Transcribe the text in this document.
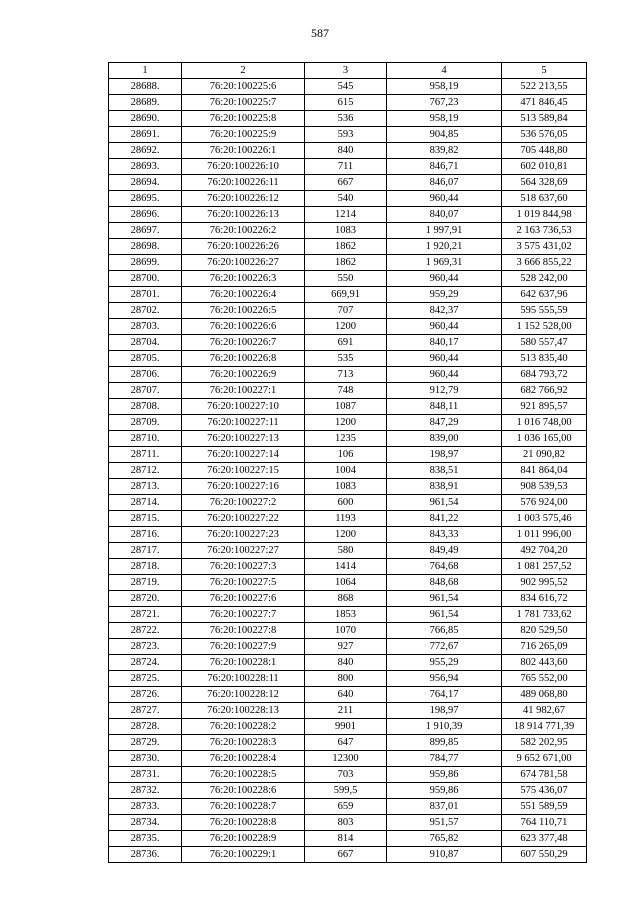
587
1	2	3	4	5
28688.	76:20:100225:6	545	958,19	522 213,55
28689.	76:20:100225:7	615	767,23	471 846,45
28690.	76:20:100225:8	536	958,19	513 589,84
28691.	76:20:100225:9	593	904,85	536 576,05
28692.	76:20:100226:1	840	839,82	705 448,80
28693.	76:20:100226:10	711	846,71	602 010,81
28694.	76:20:100226:11	667	846,07	564 328,69
28695.	76:20:100226:12	540	960,44	518 637,60
28696.	76:20:100226:13	1214	840,07	1 019 844,98
28697.	76:20:100226:2	1083	1 997,91	2 163 736,53
28698.	76:20:100226:26	1862	1 920,21	3 575 431,02
28699.	76:20:100226:27	1862	1 969,31	3 666 855,22
28700.	76:20:100226:3	550	960,44	528 242,00
28701.	76:20:100226:4	669,91	959,29	642 637,96
28702.	76:20:100226:5	707	842,37	595 555,59
28703.	76:20:100226:6	1200	960,44	1 152 528,00
28704.	76:20:100226:7	691	840,17	580 557,47
28705.	76:20:100226:8	535	960,44	513 835,40
28706.	76:20:100226:9	713	960,44	684 793,72
28707.	76:20:100227:1	748	912,79	682 766,92
28708.	76:20:100227:10	1087	848,11	921 895,57
28709.	76:20:100227:11	1200	847,29	1 016 748,00
28710.	76:20:100227:13	1235	839,00	1 036 165,00
28711.	76:20:100227:14	106	198,97	21 090,82
28712.	76:20:100227:15	1004	838,51	841 864,04
28713.	76:20:100227:16	1083	838,91	908 539,53
28714.	76:20:100227:2	600	961,54	576 924,00
28715.	76:20:100227:22	1193	841,22	1 003 575,46
28716.	76:20:100227:23	1200	843,33	1 011 996,00
28717.	76:20:100227:27	580	849,49	492 704,20
28718.	76:20:100227:3	1414	764,68	1 081 257,52
28719.	76:20:100227:5	1064	848,68	902 995,52
28720.	76:20:100227:6	868	961,54	834 616,72
28721.	76:20:100227:7	1853	961,54	1 781 733,62
28722.	76:20:100227:8	1070	766,85	820 529,50
28723.	76:20:100227:9	927	772,67	716 265,09
28724.	76:20:100228:1	840	955,29	802 443,60
28725.	76:20:100228:11	800	956,94	765 552,00
28726.	76:20:100228:12	640	764,17	489 068,80
28727.	76:20:100228:13	211	198,97	41 982,67
28728.	76:20:100228:2	9901	1 910,39	18 914 771,39
28729.	76:20:100228:3	647	899,85	582 202,95
28730.	76:20:100228:4	12300	784,77	9 652 671,00
28731.	76:20:100228:5	703	959,86	674 781,58
28732.	76:20:100228:6	599,5	959,86	575 436,07
28733.	76:20:100228:7	659	837,01	551 589,59
28734.	76:20:100228:8	803	951,57	764 110,71
28735.	76:20:100228:9	814	765,82	623 377,48
28736.	76:20:100229:1	667	910,87	607 550,29
